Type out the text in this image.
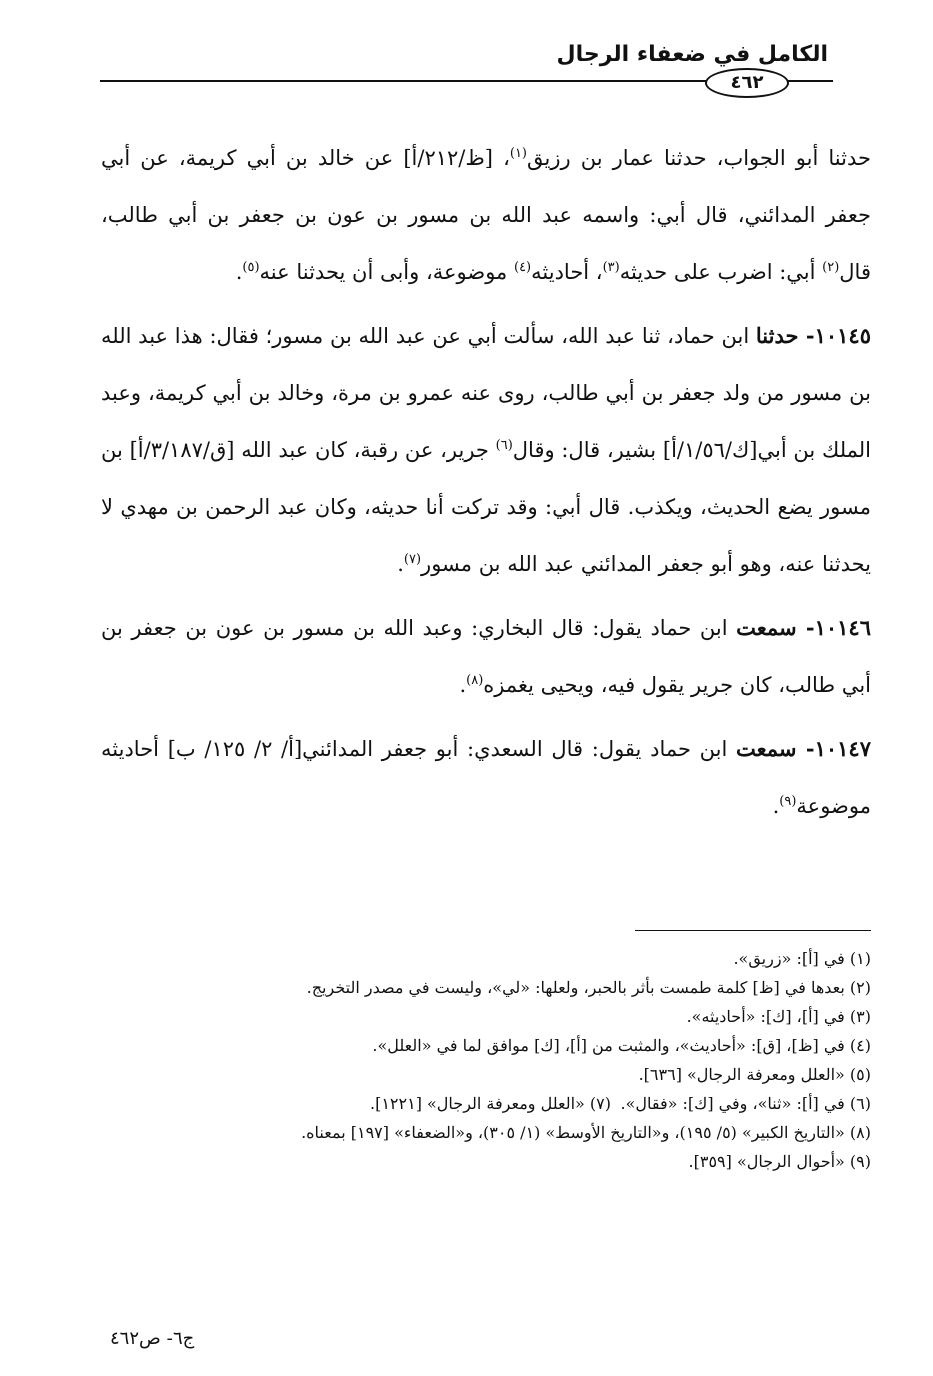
الكامل في ضعفاء الرجال
٤٦٢

حدثنا أبو الجواب، حدثنا عمار بن رزيق$^{(١)}$، [ظ/٢١٢/أ] عن خالد بن أبي كريمة، عن أبي جعفر المدائني، قال أبي: واسمه عبد الله بن مسور بن عون بن جعفر بن أبي طالب، قال$^{(٢)}$ أبي: اضرب على حديثه$^{(٣)}$، أحاديثه$^{(٤)}$ موضوعة، وأبى أن يحدثنا عنه$^{(٥)}$.

١٠١٤٥- حدثنا ابن حماد، ثنا عبد الله، سألت أبي عن عبد الله بن مسور؛ فقال: هذا عبد الله بن مسور من ولد جعفر بن أبي طالب، روى عنه عمرو بن مرة، وخالد بن أبي كريمة، وعبد الملك بن أبي[ك/١/٥٦/أ] بشير، قال: وقال$^{(٦)}$ جرير، عن رقبة، كان عبد الله [ق/٣/١٨٧/أ] بن مسور يضع الحديث، ويكذب. قال أبي: وقد تركت أنا حديثه، وكان عبد الرحمن بن مهدي لا يحدثنا عنه، وهو أبو جعفر المدائني عبد الله بن مسور$^{(٧)}$.

١٠١٤٦- سمعت ابن حماد يقول: قال البخاري: وعبد الله بن مسور بن عون بن جعفر بن أبي طالب، كان جرير يقول فيه، ويحيى يغمزه$^{(٨)}$.

١٠١٤٧- سمعت ابن حماد يقول: قال السعدي: أبو جعفر المدائني[أ/ ٢/ ١٢٥/ ب] أحاديثه موضوعة$^{(٩)}$.

(١) في [أ]: «زريق».
(٢) بعدها في [ظ] كلمة طمست بأثر بالحبر، ولعلها: «لي»، وليست في مصدر التخريج.
(٣) في [أ]، [ك]: «أحاديثه».
(٤) في [ظ]، [ق]: «أحاديث»، والمثبت من [أ]، [ك] موافق لما في «العلل».
(٥) «العلل ومعرفة الرجال» [٦٣٦].
(٦) في [أ]: «ثنا»، وفي [ك]: «فقال».(٧) «العلل ومعرفة الرجال» [١٢٢١].
(٨) «التاريخ الكبير» (٥/ ١٩٥)، و«التاريخ الأوسط» (١/ ٣٠٥)، و«الضعفاء» [١٩٧] بمعناه.
(٩) «أحوال الرجال» [٣٥٩].
ج٦- ص٤٦٢
